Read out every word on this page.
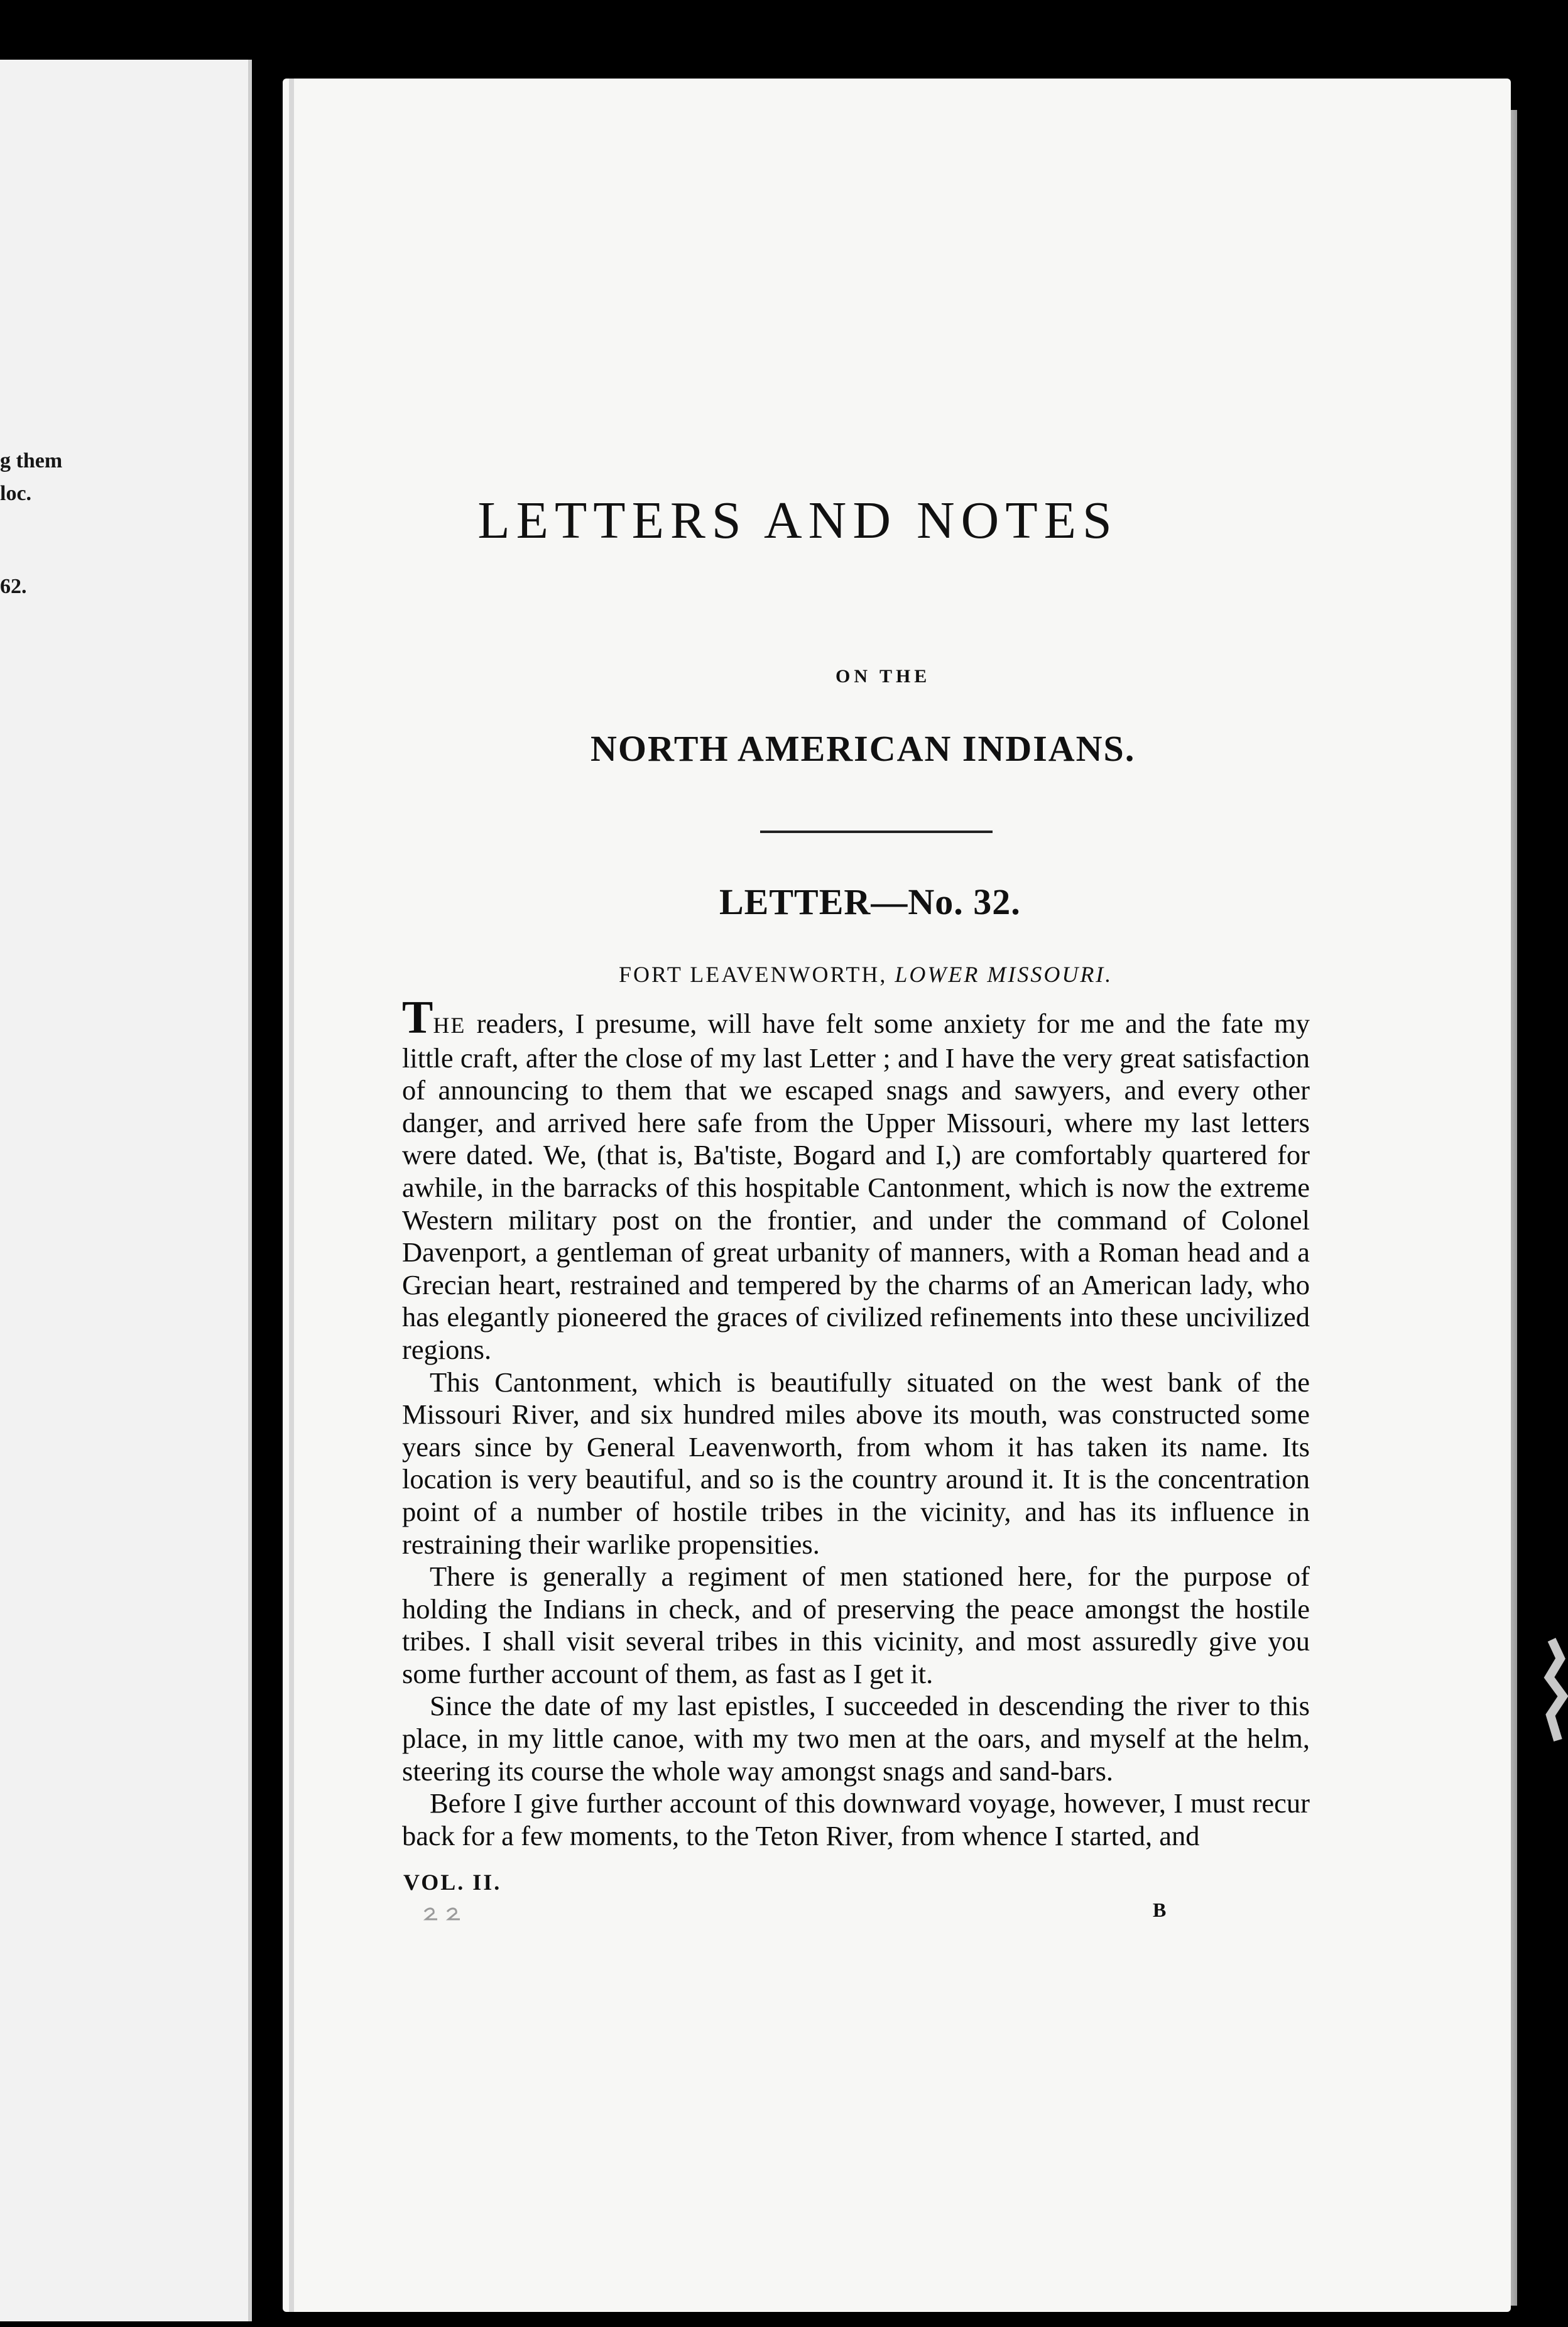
g them
loc.
62.
LETTERS AND NOTES
ON THE
NORTH AMERICAN INDIANS.
LETTER—No. 32.
FORT LEAVENWORTH, LOWER MISSOURI.

THE readers, I presume, will have felt some anxiety for me and the fate my little craft, after the close of my last Letter ; and I have the very great satisfaction of announcing to them that we escaped snags and sawyers, and every other danger, and arrived here safe from the Upper Missouri, where my last letters were dated. We, (that is, Ba'tiste, Bogard and I,) are comfortably quartered for awhile, in the barracks of this hospitable Cantonment, which is now the extreme Western military post on the frontier, and under the command of Colonel Davenport, a gentleman of great urbanity of manners, with a Roman head and a Grecian heart, restrained and tempered by the charms of an American lady, who has elegantly pioneered the graces of civilized refinements into these uncivilized regions.

This Cantonment, which is beautifully situated on the west bank of the Missouri River, and six hundred miles above its mouth, was constructed some years since by General Leavenworth, from whom it has taken its name. Its location is very beautiful, and so is the country around it. It is the concentration point of a number of hostile tribes in the vicinity, and has its influence in restraining their warlike propensities.

There is generally a regiment of men stationed here, for the purpose of holding the Indians in check, and of preserving the peace amongst the hostile tribes. I shall visit several tribes in this vicinity, and most assuredly give you some further account of them, as fast as I get it.

Since the date of my last epistles, I succeeded in descending the river to this place, in my little canoe, with my two men at the oars, and myself at the helm, steering its course the whole way amongst snags and sand-bars.

Before I give further account of this downward voyage, however, I must recur back for a few moments, to the Teton River, from whence I started, and

VOL. II.
B
